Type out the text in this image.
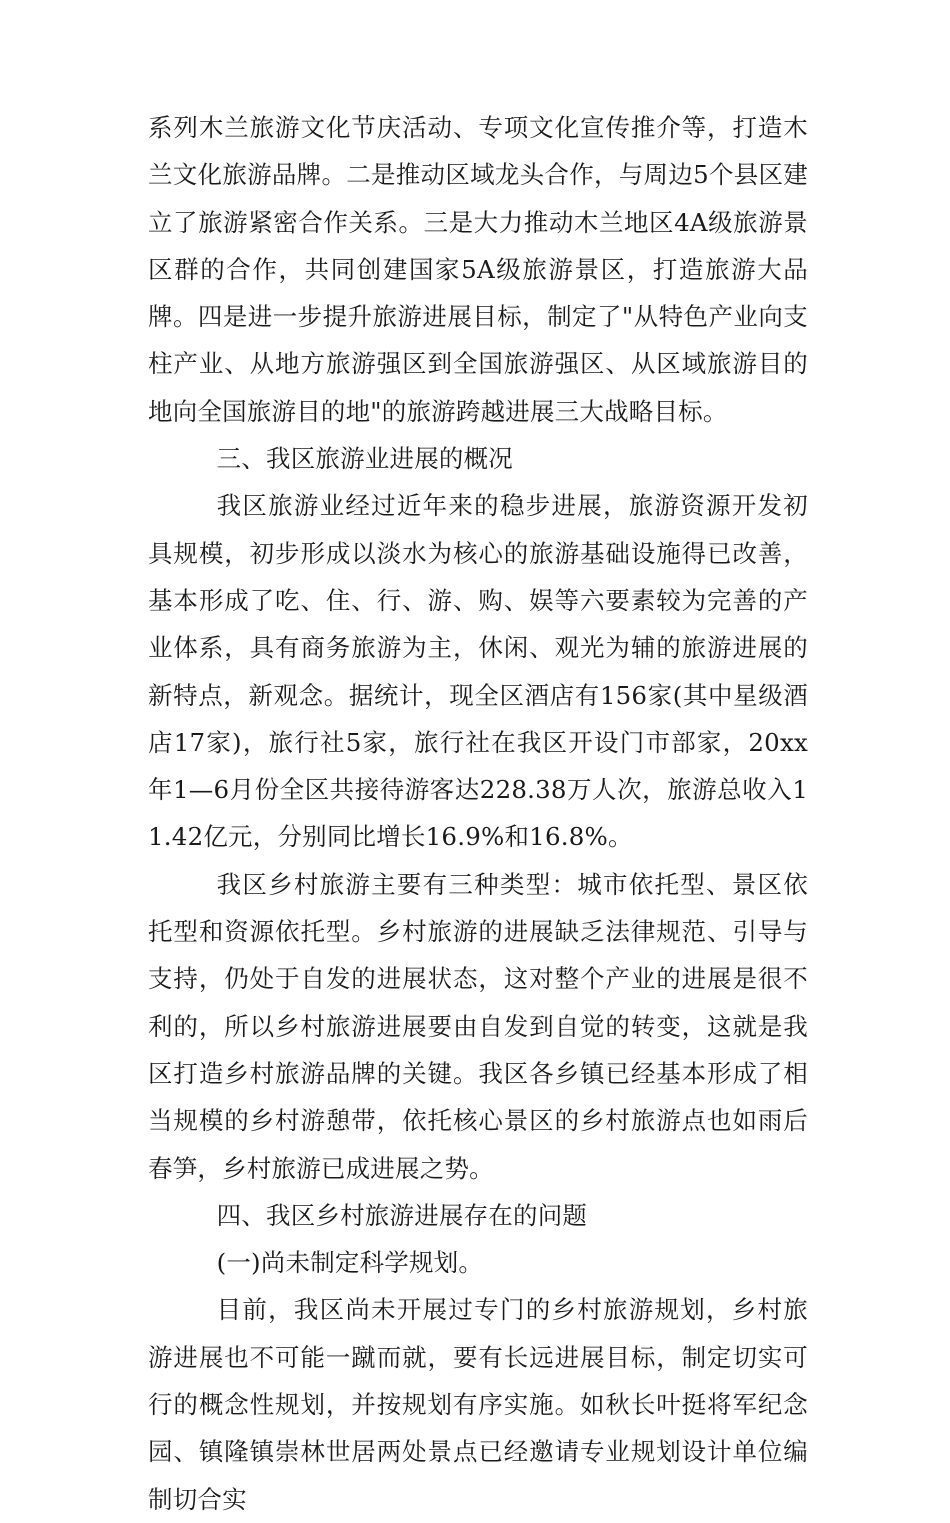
系列木兰旅游文化节庆活动、专项文化宣传推介等，打造木兰文化旅游品牌。二是推动区域龙头合作，与周边5个县区建立了旅游紧密合作关系。三是大力推动木兰地区4A级旅游景区群的合作，共同创建国家5A级旅游景区，打造旅游大品牌。四是进一步提升旅游进展目标，制定了"从特色产业向支柱产业、从地方旅游强区到全国旅游强区、从区域旅游目的地向全国旅游目的地"的旅游跨越进展三大战略目标。

三、我区旅游业进展的概况

我区旅游业经过近年来的稳步进展，旅游资源开发初具规模，初步形成以淡水为核心的旅游基础设施得已改善，基本形成了吃、住、行、游、购、娱等六要素较为完善的产业体系，具有商务旅游为主，休闲、观光为辅的旅游进展的新特点，新观念。据统计，现全区酒店有156家(其中星级酒店17家)，旅行社5家，旅行社在我区开设门市部家，20xx年1—6月份全区共接待游客达228.38万人次，旅游总收入11.42亿元，分别同比增长16.9%和16.8%。

我区乡村旅游主要有三种类型：城市依托型、景区依托型和资源依托型。乡村旅游的进展缺乏法律规范、引导与支持，仍处于自发的进展状态，这对整个产业的进展是很不利的，所以乡村旅游进展要由自发到自觉的转变，这就是我区打造乡村旅游品牌的关键。我区各乡镇已经基本形成了相当规模的乡村游憩带，依托核心景区的乡村旅游点也如雨后春笋，乡村旅游已成进展之势。

四、我区乡村旅游进展存在的问题

(一)尚未制定科学规划。

目前，我区尚未开展过专门的乡村旅游规划，乡村旅游进展也不可能一蹴而就，要有长远进展目标，制定切实可行的概念性规划，并按规划有序实施。如秋长叶挺将军纪念园、镇隆镇崇林世居两处景点已经邀请专业规划设计单位编制切合实
